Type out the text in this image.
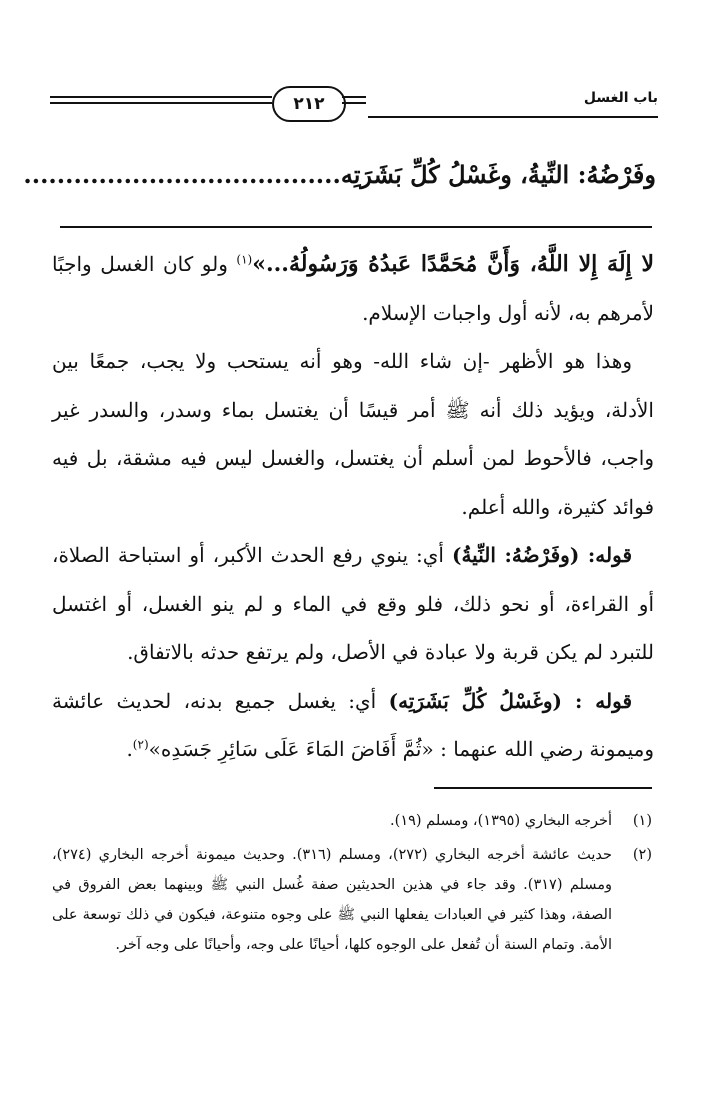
٢١٢	باب الغسل
وفَرْضُهُ: النِّيةُ، وغَسْلُ كُلِّ بَشَرَتِه......................................

لا إِلَهَ إِلا اللَّهُ، وَأَنَّ مُحَمَّدًا عَبدُهُ وَرَسُولُهُ...»$^{(١)}$ ولو كان الغسل واجبًا لأمرهم به، لأنه أول واجبات الإسلام.

وهذا هو الأظهر -إن شاء الله- وهو أنه يستحب ولا يجب، جمعًا بين الأدلة، ويؤيد ذلك أنه ﷺ أمر قيسًا أن يغتسل بماء وسدر، والسدر غير واجب، فالأحوط لمن أسلم أن يغتسل، والغسل ليس فيه مشقة، بل فيه فوائد كثيرة، والله أعلم.

قوله: (وفَرْضُهُ: النِّيةُ) أي: ينوي رفع الحدث الأكبر، أو استباحة الصلاة، أو القراءة، أو نحو ذلك، فلو وقع في الماء و لم ينو الغسل، أو اغتسل للتبرد لم يكن قربة ولا عبادة في الأصل، ولم يرتفع حدثه بالاتفاق.

قوله : (وغَسْلُ كُلِّ بَشَرَتِه) أي: يغسل جميع بدنه، لحديث عائشة وميمونة رضي الله عنهما : «ثُمَّ أَفَاضَ المَاءَ عَلَى سَائِرِ جَسَدِه»$^{(٢)}$.

(١)
أخرجه البخاري (١٣٩٥)، ومسلم (١٩).
(٢)
حديث عائشة أخرجه البخاري (٢٧٢)، ومسلم (٣١٦). وحديث ميمونة أخرجه البخاري (٢٧٤)، ومسلم (٣١٧). وقد جاء في هذين الحديثين صفة غُسل النبي ﷺ وبينهما بعض الفروق في الصفة، وهذا كثير في العبادات يفعلها النبي ﷺ على وجوه متنوعة، فيكون في ذلك توسعة على الأمة. وتمام السنة أن تُفعل على الوجوه كلها، أحيانًا على وجه، وأحيانًا على وجه آخر.
